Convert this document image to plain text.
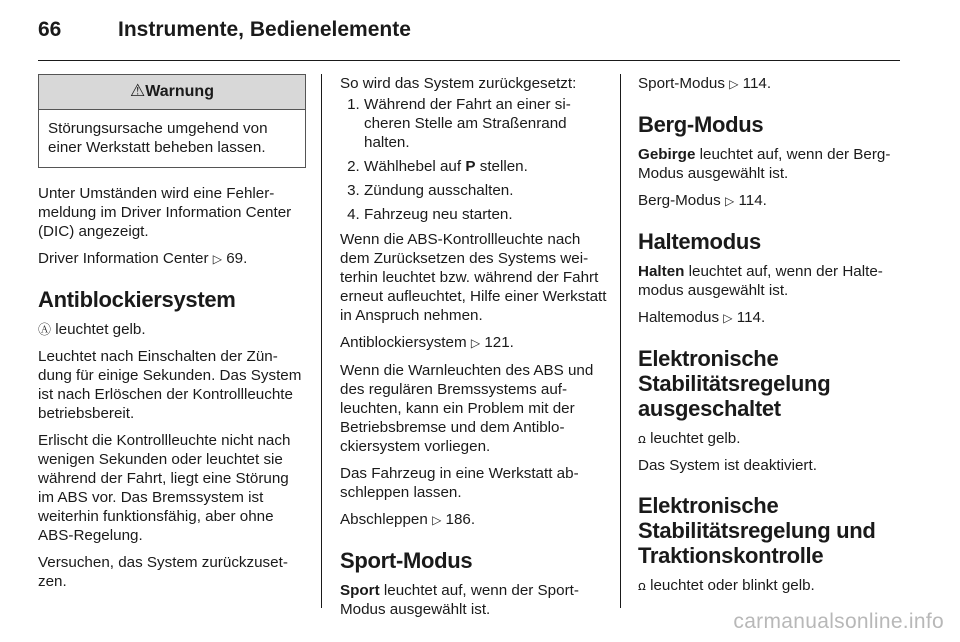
66	Instrumente, Bedienelemente
⚠Warnung
Störungsursache umgehend von einer Werkstatt beheben lassen.

Unter Umständen wird eine Fehlermeldung im Driver Information Center (DIC) angezeigt.

Driver Information Center ▷ 69.

Antiblockiersystem

Ⓐ leuchtet gelb.

Leuchtet nach Einschalten der Zündung für einige Sekunden. Das System ist nach Erlöschen der Kontrollleuchte betriebsbereit.

Erlischt die Kontrollleuchte nicht nach wenigen Sekunden oder leuchtet sie während der Fahrt, liegt eine Störung im ABS vor. Das Bremssystem ist weiterhin funktionsfähig, aber ohne ABS-Regelung.

Versuchen, das System zurückzusetzen.

So wird das System zurückgesetzt:

1. Während der Fahrt an einer sicheren Stelle am Straßenrand halten.
2. Wählhebel auf P stellen.
3. Zündung ausschalten.
4. Fahrzeug neu starten.

Wenn die ABS-Kontrollleuchte nach dem Zurücksetzen des Systems weiterhin leuchtet bzw. während der Fahrt erneut aufleuchtet, Hilfe einer Werkstatt in Anspruch nehmen.

Antiblockiersystem ▷ 121.

Wenn die Warnleuchten des ABS und des regulären Bremssystems aufleuchten, kann ein Problem mit der Betriebsbremse und dem Antiblockiersystem vorliegen.

Das Fahrzeug in eine Werkstatt abschleppen lassen.

Abschleppen ▷ 186.

Sport-Modus

Sport leuchtet auf, wenn der Sport-Modus ausgewählt ist.

Sport-Modus ▷ 114.

Berg-Modus

Gebirge leuchtet auf, wenn der Berg-Modus ausgewählt ist.

Berg-Modus ▷ 114.

Haltemodus

Halten leuchtet auf, wenn der Halte-modus ausgewählt ist.

Haltemodus ▷ 114.

Elektronische
Stabilitätsregelung
ausgeschaltet

ꭥ leuchtet gelb.

Das System ist deaktiviert.

Elektronische
Stabilitätsregelung und
Traktionskontrolle

ꭥ leuchtet oder blinkt gelb.

carmanualsonline.info
